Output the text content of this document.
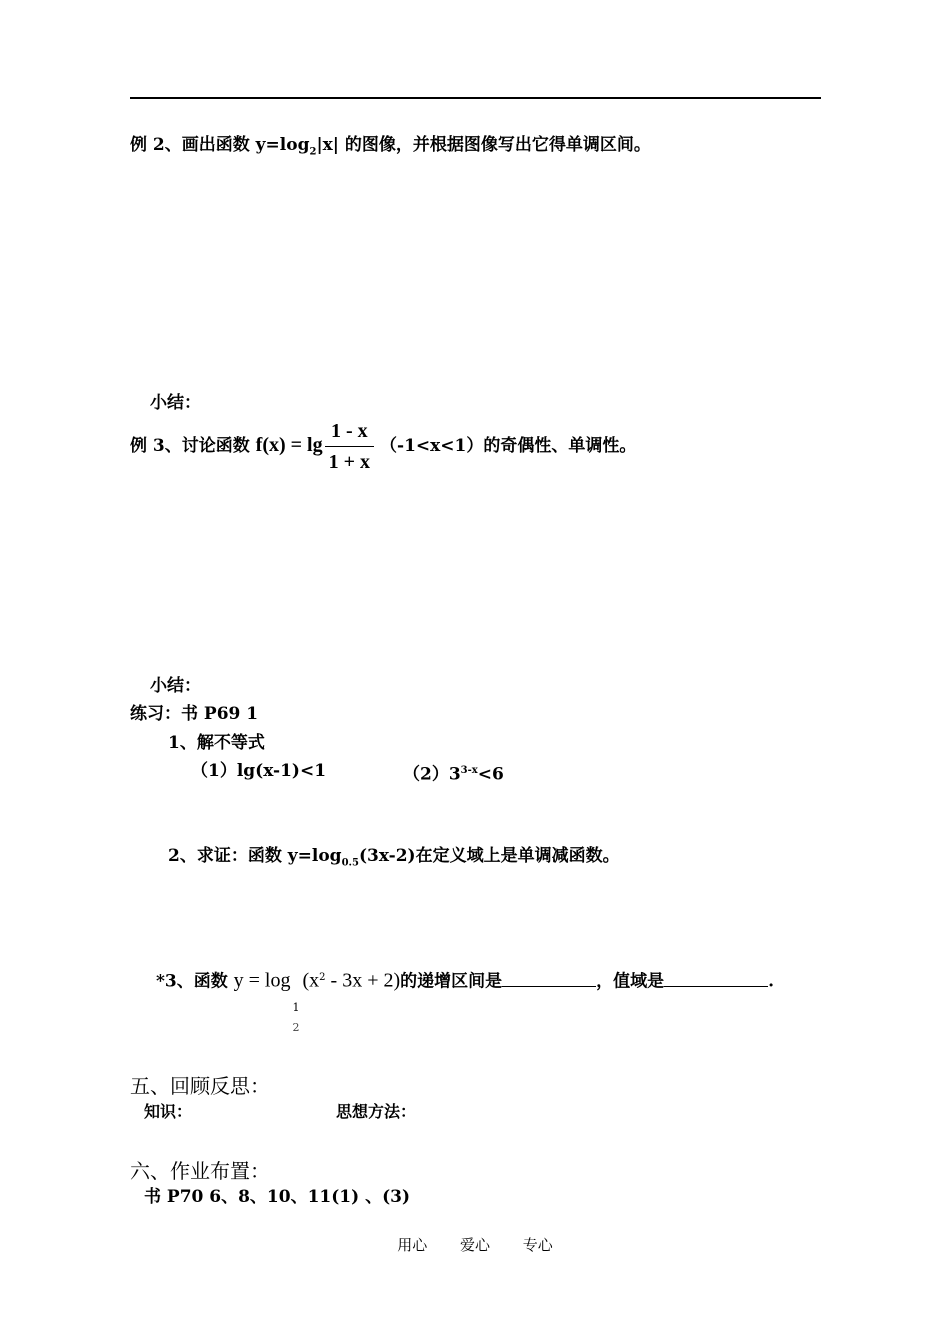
例 2、画出函数 $y=\log_2|x|$ 的图像，并根据图像写出它得单调区间。
小结：
例 3、讨论函数 $f(x) = \lg \frac{1 - x}{1 + x} (-1<x<1)$的奇偶性、单调性。
小结：
练习：书 P69 1
1、解不等式
（1）lg(x-1)<1	$(2)3^{3-x}<6$
2、求证：函数 $y=\log_{0.5}(3x-2)$在定义域上是单调减函数。
*3、函数 y = log
1
2
$(x^2 - 3x + 2)$的递增区间是	，值域是	.
五、回顾反思：
知识：	思想方法：
六、作业布置：
书 P70 6、8、10、11(1) 、(3)
用心 爱心 专心
